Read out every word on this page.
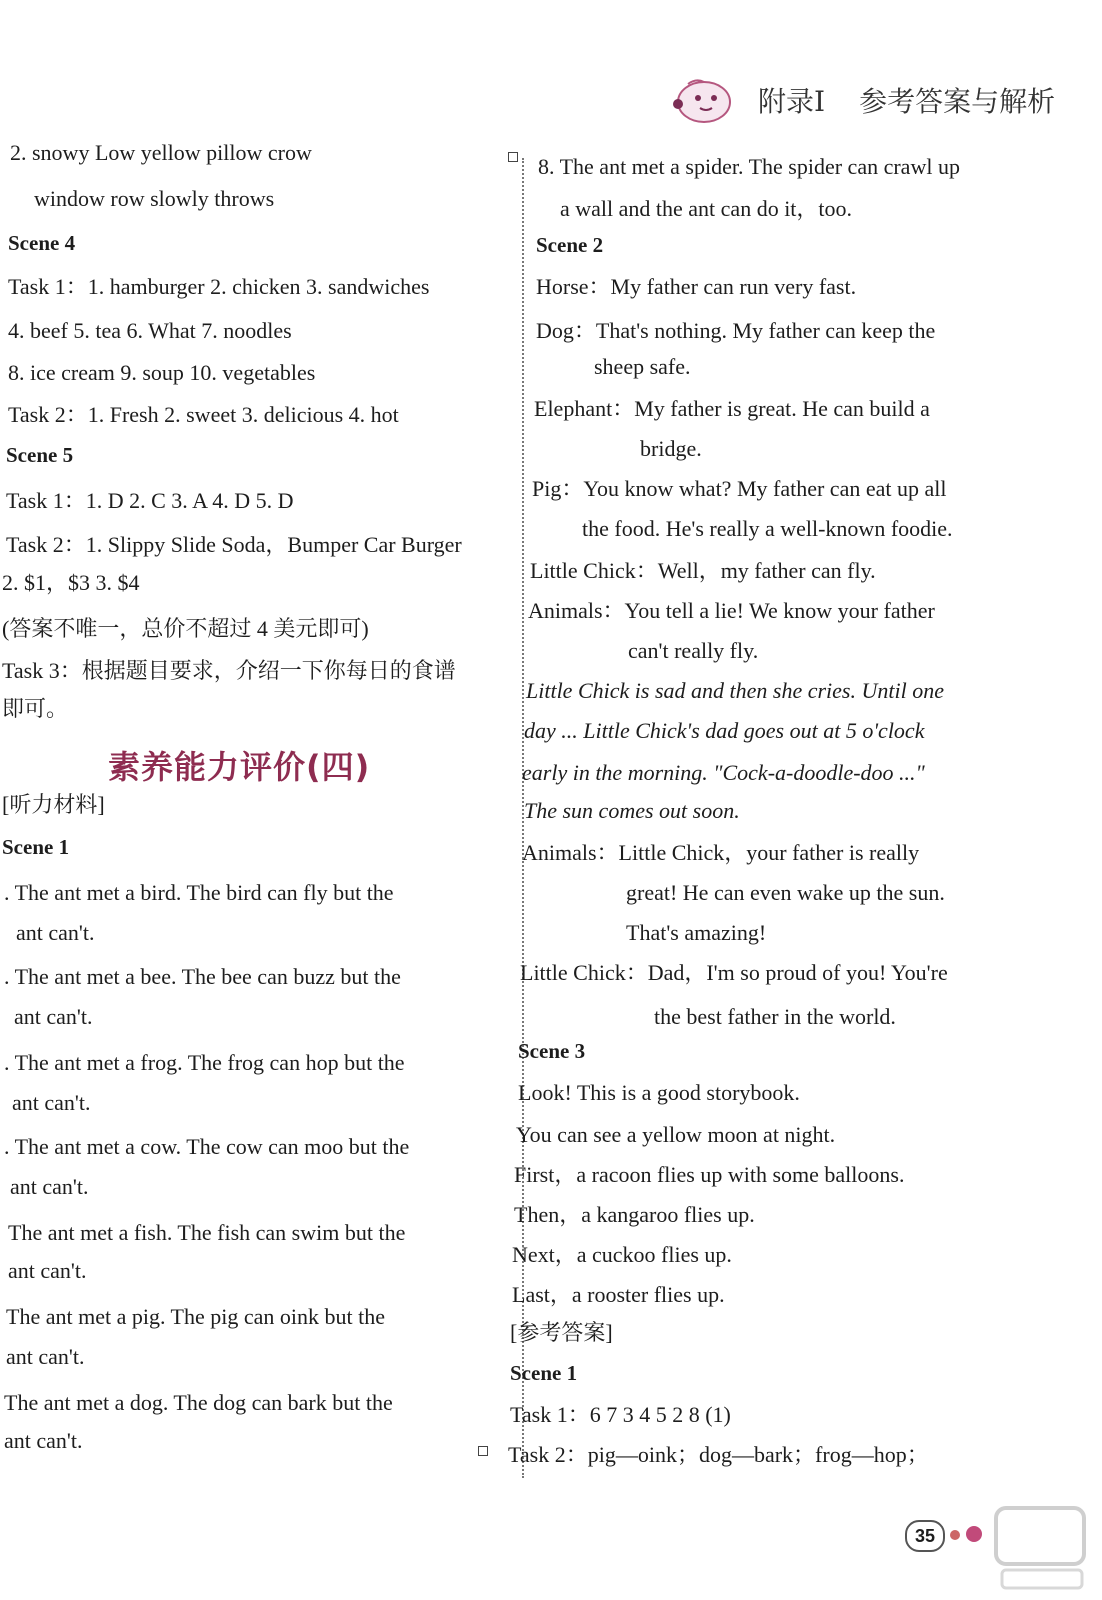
附录Ⅰ 参考答案与解析
2. snowy Low yellow pillow crow
window row slowly throws
Scene 4
Task 1：1. hamburger 2. chicken 3. sandwiches
4. beef 5. tea 6. What 7. noodles
8. ice cream 9. soup 10. vegetables
Task 2：1. Fresh 2. sweet 3. delicious 4. hot
Scene 5
Task 1：1. D 2. C 3. A 4. D 5. D
Task 2：1. Slippy Slide Soda，Bumper Car Burger
2. $1，$3 3. $4
(答案不唯一，总价不超过 4 美元即可)
Task 3：根据题目要求，介绍一下你每日的食谱
即可。
[听力材料]
Scene 1
. The ant met a bird. The bird can fly but the
ant can't.
. The ant met a bee. The bee can buzz but the
ant can't.
. The ant met a frog. The frog can hop but the
ant can't.
. The ant met a cow. The cow can moo but the
ant can't.
The ant met a fish. The fish can swim but the
ant can't.
The ant met a pig. The pig can oink but the
ant can't.
The ant met a dog. The dog can bark but the
ant can't.
素养能力评价(四)
8. The ant met a spider. The spider can crawl up
a wall and the ant can do it，too.
Scene 2
Horse：My father can run very fast.
Dog：That's nothing. My father can keep the
sheep safe.
Elephant：My father is great. He can build a
bridge.
Pig：You know what? My father can eat up all
the food. He's really a well-known foodie.
Little Chick：Well，my father can fly.
Animals：You tell a lie! We know your father
can't really fly.
Little Chick is sad and then she cries. Until one
day ... Little Chick's dad goes out at 5 o'clock
early in the morning. "Cock-a-doodle-doo ..."
The sun comes out soon.
Animals：Little Chick，your father is really
great! He can even wake up the sun.
That's amazing!
Little Chick：Dad，I'm so proud of you! You're
the best father in the world.
Scene 3
Look! This is a good storybook.
You can see a yellow moon at night.
First，a racoon flies up with some balloons.
Then，a kangaroo flies up.
Next，a cuckoo flies up.
Last，a rooster flies up.
[参考答案]
Scene 1
Task 1：6 7 3 4 5 2 8 (1)
Task 2：pig—oink；dog—bark；frog—hop；
35
